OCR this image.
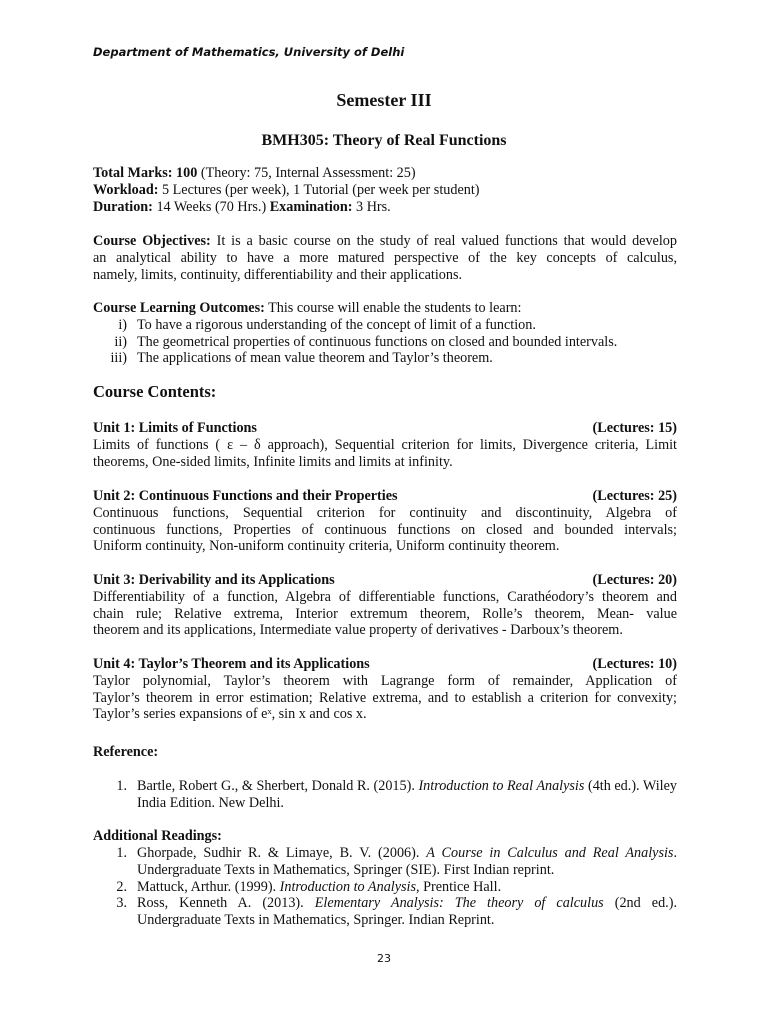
Department of Mathematics, University of Delhi
Semester III
BMH305: Theory of Real Functions
Total Marks: 100 (Theory: 75, Internal Assessment: 25)
Workload: 5 Lectures (per week), 1 Tutorial (per week per student)
Duration: 14 Weeks (70 Hrs.) Examination: 3 Hrs.
Course Objectives: It is a basic course on the study of real valued functions that would develop
an analytical ability to have a more matured perspective of the key concepts of calculus,
namely, limits, continuity, differentiability and their applications.
Course Learning Outcomes: This course will enable the students to learn:
i) To have a rigorous understanding of the concept of limit of a function.
ii) The geometrical properties of continuous functions on closed and bounded intervals.
iii) The applications of mean value theorem and Taylor’s theorem.
Course Contents:
Unit 1: Limits of Functions	(Lectures: 15)
Limits of functions ( ε – δ approach), Sequential criterion for limits, Divergence criteria, Limit
theorems, One-sided limits, Infinite limits and limits at infinity.
Unit 2: Continuous Functions and their Properties	(Lectures: 25)
Continuous functions, Sequential criterion for continuity and discontinuity, Algebra of
continuous functions, Properties of continuous functions on closed and bounded intervals;
Uniform continuity, Non-uniform continuity criteria, Uniform continuity theorem.
Unit 3: Derivability and its Applications	(Lectures: 20)
Differentiability of a function, Algebra of differentiable functions, Carathéodory’s theorem and
chain rule; Relative extrema, Interior extremum theorem, Rolle’s theorem, Mean- value
theorem and its applications, Intermediate value property of derivatives - Darboux’s theorem.
Unit 4: Taylor’s Theorem and its Applications	(Lectures: 10)
Taylor polynomial, Taylor’s theorem with Lagrange form of remainder, Application of
Taylor’s theorem in error estimation; Relative extrema, and to establish a criterion for convexity;
Taylor’s series expansions of eˣ, sin x and cos x.
Reference:
1. Bartle, Robert G., & Sherbert, Donald R. (2015). Introduction to Real Analysis (4th ed.). Wiley India Edition. New Delhi.
Additional Readings:
1. Ghorpade, Sudhir R. & Limaye, B. V. (2006). A Course in Calculus and Real Analysis. Undergraduate Texts in Mathematics, Springer (SIE). First Indian reprint.
2. Mattuck, Arthur. (1999). Introduction to Analysis, Prentice Hall.
3. Ross, Kenneth A. (2013). Elementary Analysis: The theory of calculus (2nd ed.). Undergraduate Texts in Mathematics, Springer. Indian Reprint.
23
